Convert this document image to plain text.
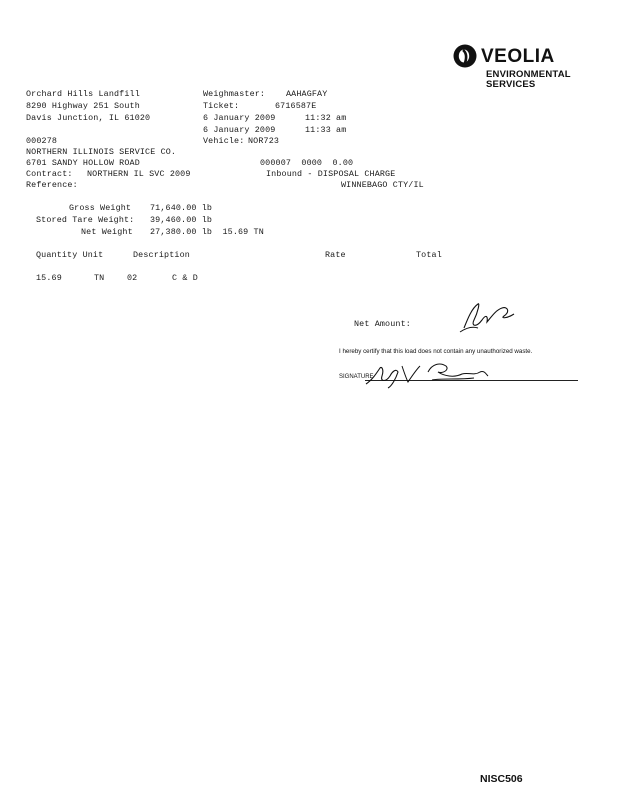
VEOLIA
ENVIRONMENTAL
SERVICES
Orchard Hills Landfill
8290 Highway 251 South
Davis Junction, IL 61020
Weighmaster: AAHAGFAY
Ticket:	6716587E
6 January 2009	11:32 am
6 January 2009	11:33 am
Vehicle: NOR723
000278
NORTHERN ILLINOIS SERVICE CO.
6701 SANDY HOLLOW ROAD	000007  0000  0.00
Contract: NORTHERN IL SVC 2009	Inbound - DISPOSAL CHARGE
Reference:	WINNEBAGO CTY/IL
Gross Weight 71,640.00 lb
Stored Tare Weight: 39,460.00 lb
Net Weight 27,380.00 lb  15.69 TN
Quantity Unit	Description	Rate	Total
15.69	TN	02	C & D
Net Amount:
I hereby certify that this load does not contain any unauthorized waste.
SIGNATURE
NISC506
